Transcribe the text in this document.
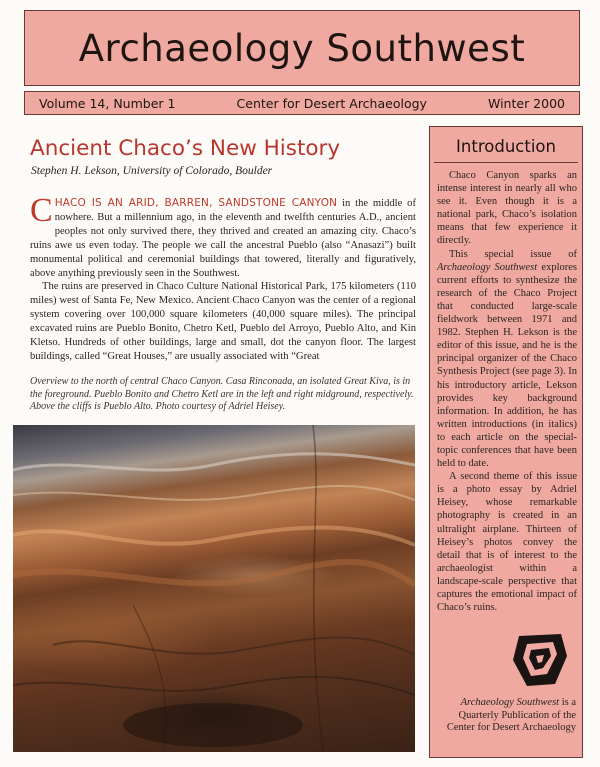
Archaeology Southwest
Volume 14, Number 1	Center for Desert Archaeology	Winter 2000
Ancient Chaco’s New History
Stephen H. Lekson, University of Colorado, Boulder

CHACO IS AN ARID, BARREN, SANDSTONE CANYON in the middle of nowhere. But a millennium ago, in the eleventh and twelfth centuries A.D., ancient peoples not only survived there, they thrived and created an amazing city. Chaco’s ruins awe us even today. The people we call the ancestral Pueblo (also “Anasazi”) built monumental political and ceremonial buildings that towered, literally and figuratively, above anything previously seen in the Southwest.

The ruins are preserved in Chaco Culture National Historical Park, 175 kilometers (110 miles) west of Santa Fe, New Mexico. Ancient Chaco Canyon was the center of a regional system covering over 100,000 square kilometers (40,000 square miles). The principal excavated ruins are Pueblo Bonito, Chetro Ketl, Pueblo del Arroyo, Pueblo Alto, and Kin Kletso. Hundreds of other buildings, large and small, dot the canyon floor. The largest buildings, called “Great Houses,” are usually associated with “Great

Overview to the north of central Chaco Canyon. Casa Rinconada, an isolated Great Kiva, is in the foreground. Pueblo Bonito and Chetro Ketl are in the left and right midground, respectively. Above the cliffs is Pueblo Alto. Photo courtesy of Adriel Heisey.
Introduction

Chaco Canyon sparks an intense interest in nearly all who see it. Even though it is a national park, Chaco’s isolation means that few experience it directly.

This special issue of Archaeology Southwest explores current efforts to synthesize the research of the Chaco Project that conducted large-scale fieldwork between 1971 and 1982. Stephen H. Lekson is the editor of this issue, and he is the principal organizer of the Chaco Synthesis Project (see page 3). In his introductory article, Lekson provides key background information. In addition, he has written introductions (in italics) to each article on the special-topic conferences that have been held to date.

A second theme of this issue is a photo essay by Adriel Heisey, whose remarkable photography is created in an ultralight airplane. Thirteen of Heisey’s photos convey the detail that is of interest to the archaeologist within a landscape-scale perspective that captures the emotional impact of Chaco’s ruins.

Archaeology Southwest is a Quarterly Publication of the Center for Desert Archaeology
